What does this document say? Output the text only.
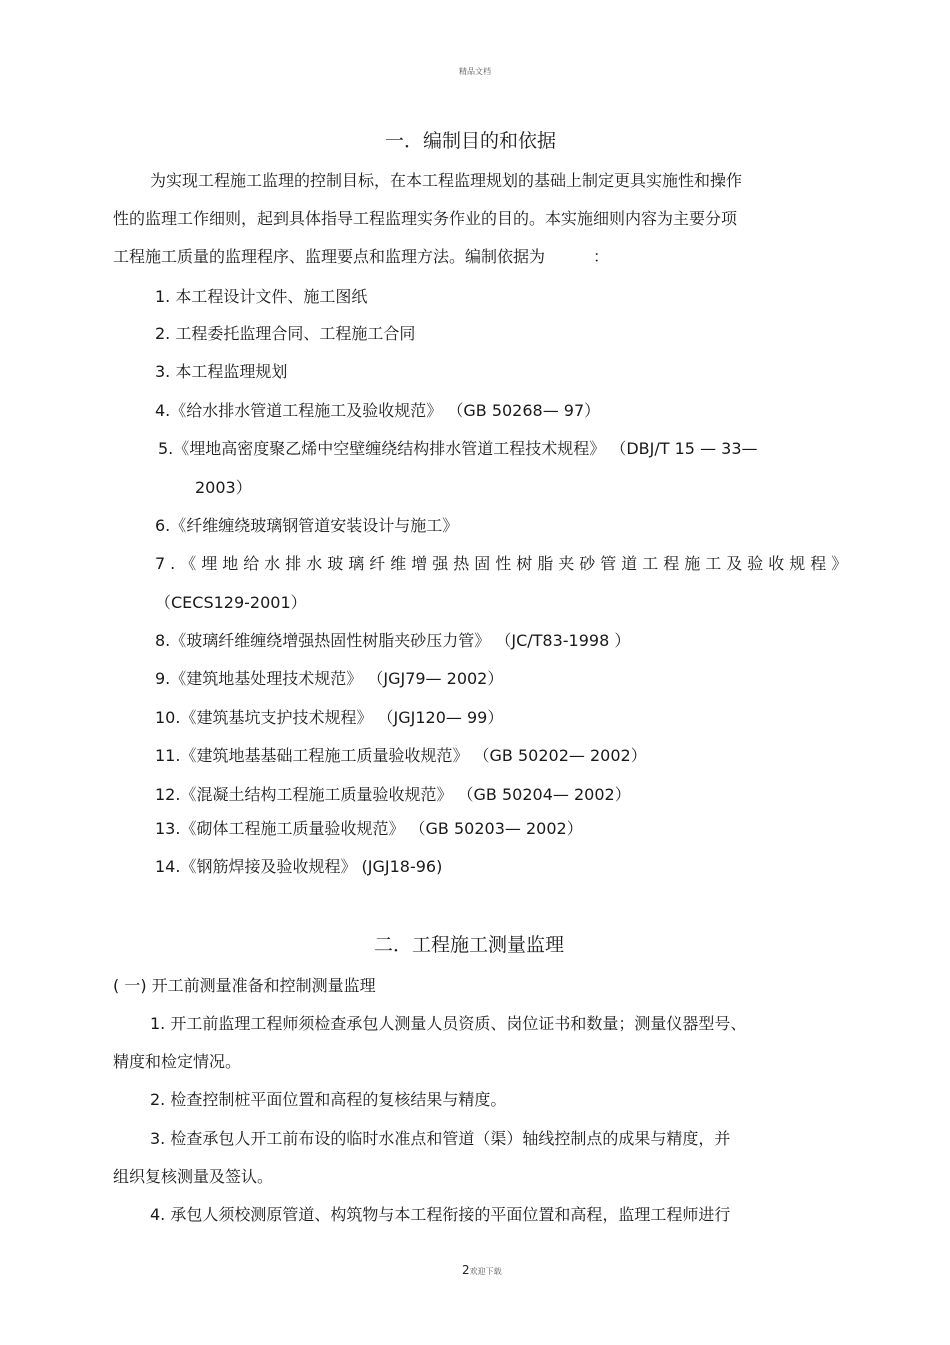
精品文档
一．编制目的和依据
为实现工程施工监理的控制目标，在本工程监理规划的基础上制定更具实施性和操作
性的监理工作细则，起到具体指导工程监理实务作业的目的。本实施细则内容为主要分项
工程施工质量的监理程序、监理要点和监理方法。编制依据为　　　：
1. 本工程设计文件、施工图纸
2. 工程委托监理合同、工程施工合同
3. 本工程监理规划
4.《给水排水管道工程施工及验收规范》 （GB 50268— 97）
5.《埋地高密度聚乙烯中空壁缠绕结构排水管道工程技术规程》 （DBJ/T 15 — 33—
2003）
6.《纤维缠绕玻璃钢管道安装设计与施工》
7.《埋地给水排水玻璃纤维增强热固性树脂夹砂管道工程施工及验收规程》
（CECS129-2001）
8.《玻璃纤维缠绕增强热固性树脂夹砂压力管》 （JC/T83-1998 ）
9.《建筑地基处理技术规范》 （JGJ79— 2002）
10.《建筑基坑支护技术规程》 （JGJ120— 99）
11.《建筑地基基础工程施工质量验收规范》 （GB 50202— 2002）
12.《混凝土结构工程施工质量验收规范》 （GB 50204— 2002）
13.《砌体工程施工质量验收规范》 （GB 50203— 2002）
14.《钢筋焊接及验收规程》 (JGJ18-96)
二．工程施工测量监理
( 一) 开工前测量准备和控制测量监理
1. 开工前监理工程师须检查承包人测量人员资质、岗位证书和数量；测量仪器型号、
精度和检定情况。
2. 检查控制桩平面位置和高程的复核结果与精度。
3. 检查承包人开工前布设的临时水准点和管道（渠）轴线控制点的成果与精度，并
组织复核测量及签认。
4. 承包人须校测原管道、构筑物与本工程衔接的平面位置和高程，监理工程师进行
2欢迎下载
